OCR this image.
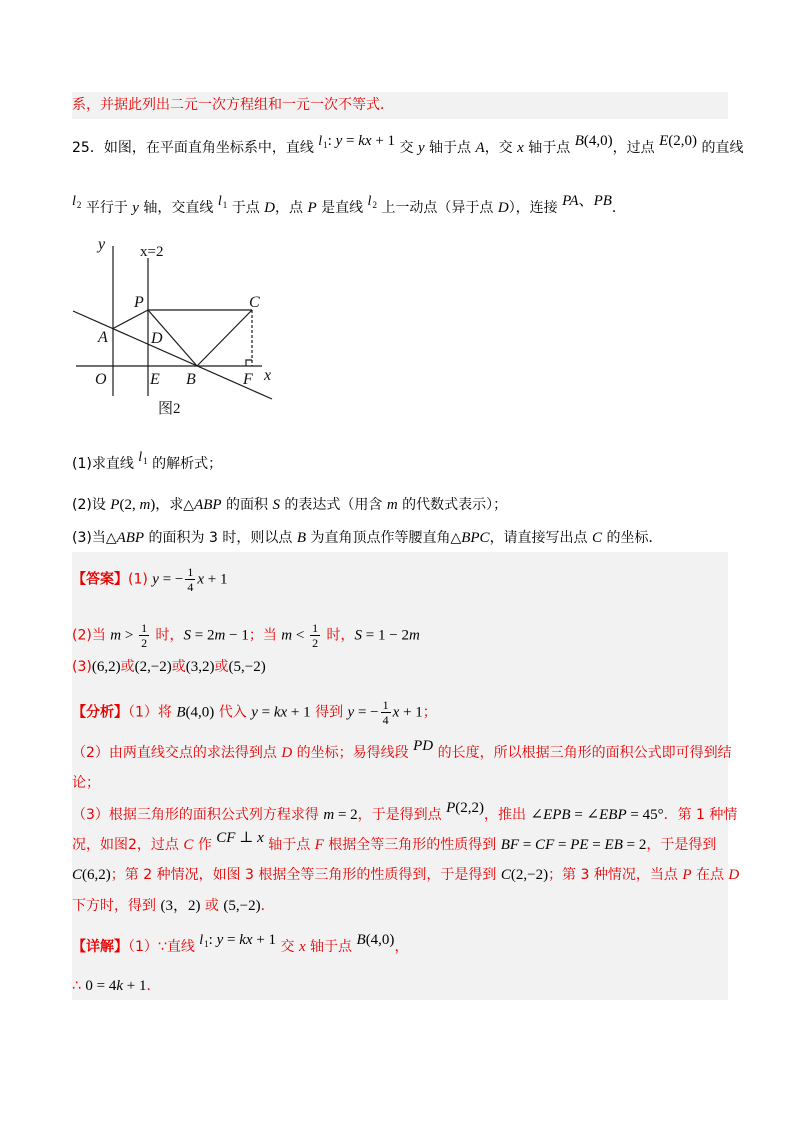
系，并据此列出二元一次方程组和一元一次不等式．
25．如图，在平面直角坐标系中，直线 $l_1$: y = kx + 1 交 y 轴于点 A，交 x 轴于点 B(4,0)，过点 E(2,0) 的直线
$l_2$ 平行于 y 轴，交直线 $l_1$ 于点 D，点 P 是直线 $l_2$ 上一动点（异于点 D），连接 PA、PB．
y x=2
P	C
A	D
O	E B	F x
图2
(1)求直线 $l_1$ 的解析式；
(2)设 P(2, m)，求△ABP 的面积 S 的表达式（用含 m 的代数式表示）；
(3)当△ABP 的面积为 3 时，则以点 B 为直角顶点作等腰直角△BPC，请直接写出点 C 的坐标．
【答案】(1) y = − $\frac{1}{4}$ x + 1
(2)当 $m > \frac{1}{2}$ 时，S = 2m − 1；当 $m < \frac{1}{2}$ 时，S = 1 − 2m
(3)(6,2)或(2,−2)或(3,2)或(5,−2)
【分析】（1）将 B(4,0) 代入 y = kx + 1 得到 y = − $\frac{1}{4}$ x + 1；
（2）由两直线交点的求法得到点 D 的坐标；易得线段 PD 的长度，所以根据三角形的面积公式即可得到结
论；
（3）根据三角形的面积公式列方程求得 m = 2，于是得到点 P(2,2)，推出 ∠EPB = ∠EBP = 45°．第 1 种情
况，如图2，过点 C 作 CF ⊥ x 轴于点 F 根据全等三角形的性质得到 BF = CF = PE = EB = 2，于是得到
C(6,2)；第 2 种情况，如图 3 根据全等三角形的性质得到，于是得到 C(2,−2)；第 3 种情况，当点 P 在点 D
下方时，得到 (3，2) 或 (5,−2)．
【详解】（1）∵直线 $l_1$: y = kx + 1 交 x 轴于点 B(4,0)，
∴ 0 = 4k + 1．
